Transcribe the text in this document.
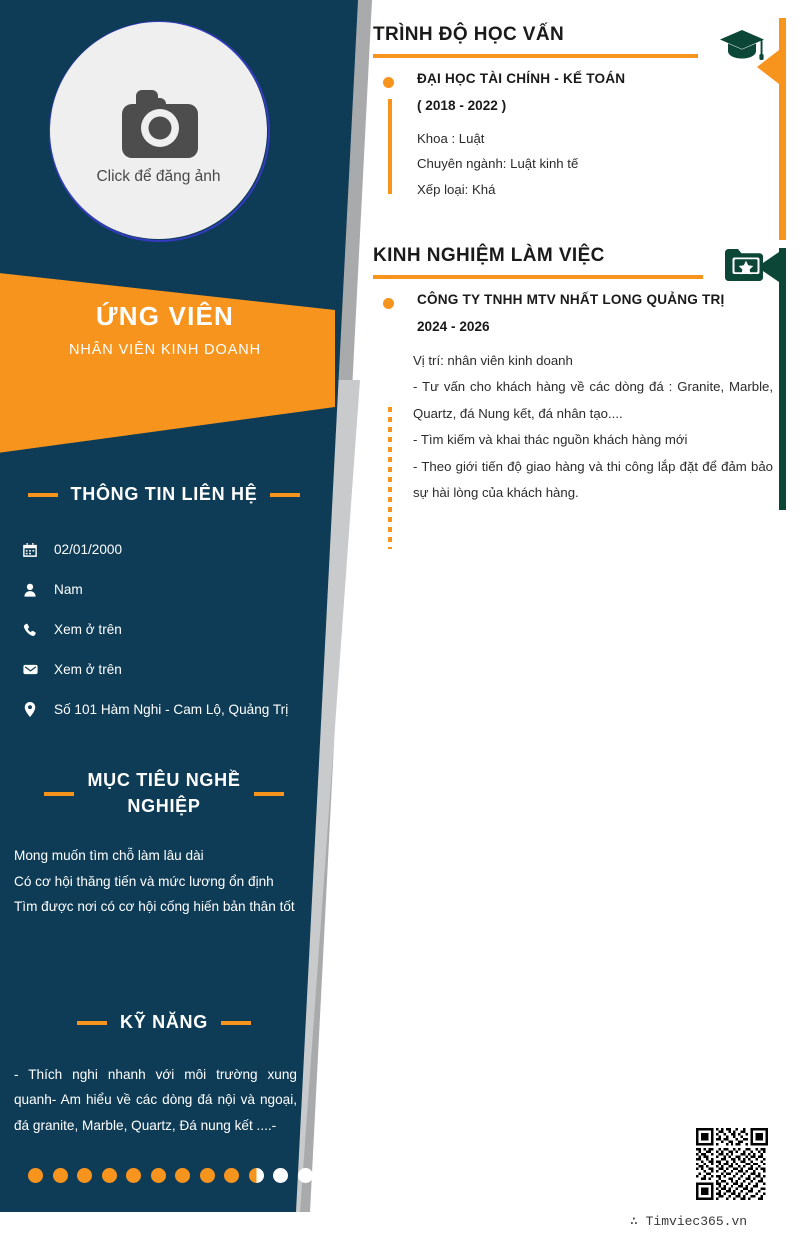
Click để đăng ảnh
ỨNG VIÊN
NHÂN VIÊN KINH DOANH
THÔNG TIN LIÊN HỆ
02/01/2000
Nam
Xem ở trên
Xem ở trên
Số 101 Hàm Nghi - Cam Lộ, Quảng Trị
MỤC TIÊU NGHỀ
NGHIỆP

Mong muốn tìm chỗ làm lâu dài

Có cơ hội thăng tiến và mức lương ổn định

Tìm được nơi có cơ hội cống hiến bản thân tốt

KỸ NĂNG
- Thích nghi nhanh với môi trường xung quanh- Am hiểu về các dòng đá nội và ngoại, đá granite, Marble, Quartz, Đá nung kết ....-
TRÌNH ĐỘ HỌC VẤN
ĐẠI HỌC TÀI CHÍNH - KẾ TOÁN
( 2018 - 2022 )
Khoa : Luật
Chuyên ngành: Luật kinh tế
Xếp loại: Khá
KINH NGHIỆM LÀM VIỆC
CÔNG TY TNHH MTV NHẤT LONG QUẢNG TRỊ
2024 - 2026

Vị trí: nhân viên kinh doanh

- Tư vấn cho khách hàng về các dòng đá : Granite, Marble, Quartz, đá Nung kết, đá nhân tạo....

- Tìm kiếm và khai thác nguồn khách hàng mới

- Theo giới tiến độ giao hàng và thi công lắp đặt để đảm bảo sự hài lòng của khách hàng.

∴ Timviec365.vn
